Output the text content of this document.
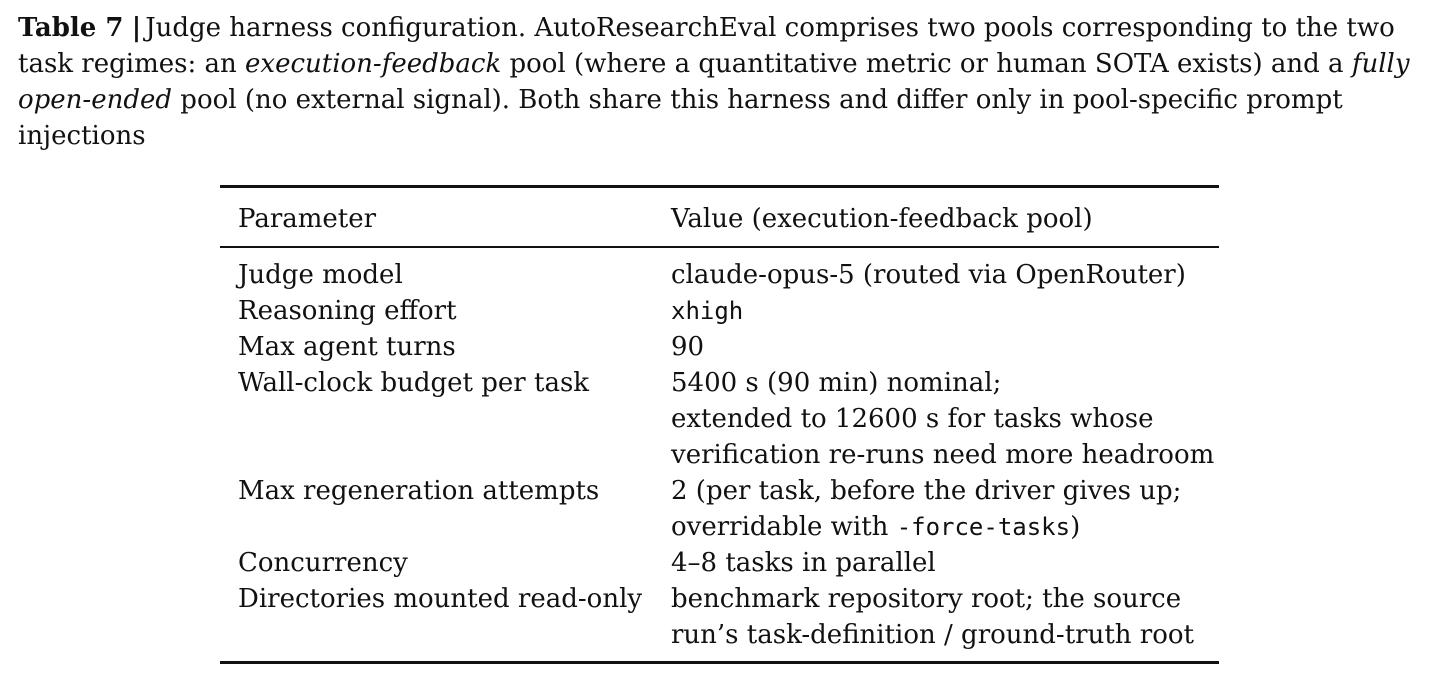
Table 7 | Judge harness configuration. AutoResearchEval comprises two pools corresponding to the two task regimes: an execution-feedback pool (where a quantitative metric or human SOTA exists) and a fully open-ended pool (no external signal). Both share this harness and differ only in pool-specific prompt injections

Parameter	Value (execution-feedback pool)
Judge model	claude-opus-5 (routed via OpenRouter)

Reasoning effort	xhigh

Max agent turns	90

Wall-clock budget per task	5400 s (90 min) nominal;
extended to 12600 s for tasks whose
verification re-runs need more headroom

Max regeneration attempts	2 (per task, before the driver gives up;
overridable with -force-tasks)

Concurrency	4–8 tasks in parallel

Directories mounted read-only	benchmark repository root; the source
run’s task-definition / ground-truth root
